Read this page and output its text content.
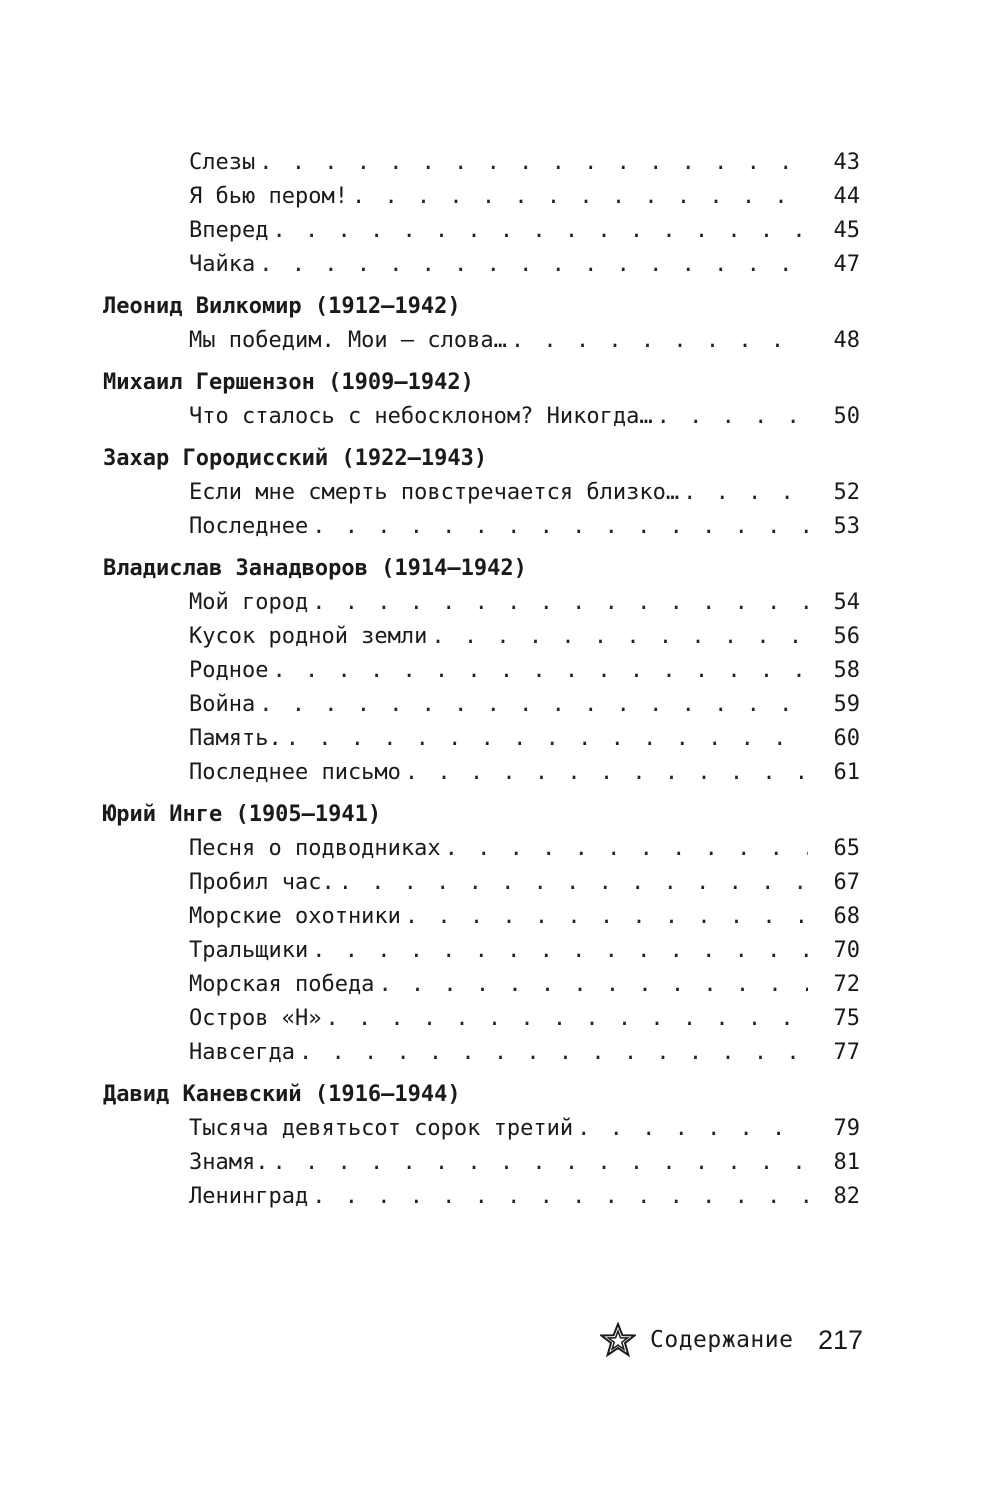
Слезы . . .	43
Я бью пером! . . .	44
Вперед . . .	45
Чайка . . .	47
Леонид Вилкомир (1912–1942)
Мы победим. Мои – слова… . . .	48
Михаил Гершензон (1909–1942)
Что сталось с небосклоном? Никогда… . . .	50
Захар Городисский (1922–1943)
Если мне смерть повстречается близко… . . .	52
Последнее . . .	53
Владислав Занадворов (1914–1942)
Мой город . . .	54
Кусок родной земли . . .	56
Родное . . .	58
Война . . .	59
Память. . . .	60
Последнее письмо . . .	61
Юрий Инге (1905–1941)
Песня о подводниках . . .	65
Пробил час. . . .	67
Морские охотники . . .	68
Тральщики . . .	70
Морская победа . . .	72
Остров «Н» . . .	75
Навсегда . . .	77
Давид Каневский (1916–1944)
Тысяча девятьсот сорок третий . . .	79
Знамя. . . .	81
Ленинград . . .	82
Содержание 217
